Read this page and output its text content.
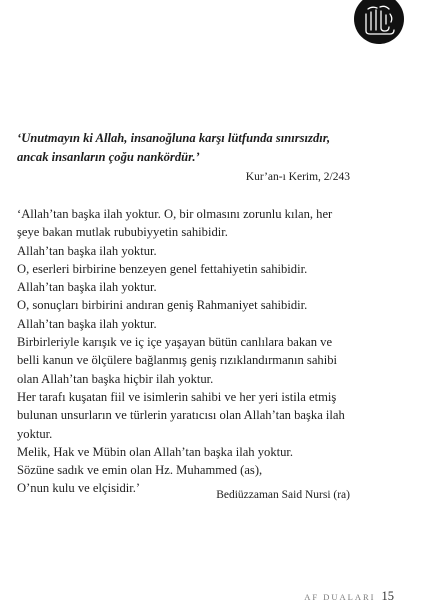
‘Unutmayın ki Allah, insanoğluna karşı lütfunda sınırsızdır, ancak insanların çoğu nankördür.’

Kur’an-ı Kerim, 2/243

‘Allah’tan başka ilah yoktur. O, bir olmasını zorunlu kılan, her şeye bakan mutlak rububiyyetin sahibidir.

Allah’tan başka ilah yoktur.

O, eserleri birbirine benzeyen genel fettahiyetin sahibidir.

Allah’tan başka ilah yoktur.

O, sonuçları birbirini andıran geniş Rahmaniyet sahibidir.

Allah’tan başka ilah yoktur.

Birbirleriyle karışık ve iç içe yaşayan bütün canlılara bakan ve belli kanun ve ölçülere bağlanmış geniş rızıklandırmanın sahibi olan Allah’tan başka hiçbir ilah yoktur.

Her tarafı kuşatan fiil ve isimlerin sahibi ve her yeri istila etmiş bulunan unsurların ve türlerin yaratıcısı olan Allah’tan başka ilah yoktur.

Melik, Hak ve Mübin olan Allah’tan başka ilah yoktur.

Sözüne sadık ve emin olan Hz. Muhammed (as),

O’nun kulu ve elçisidir.’	Bediüzzaman Said Nursi (ra)

AF DUALARI 15
